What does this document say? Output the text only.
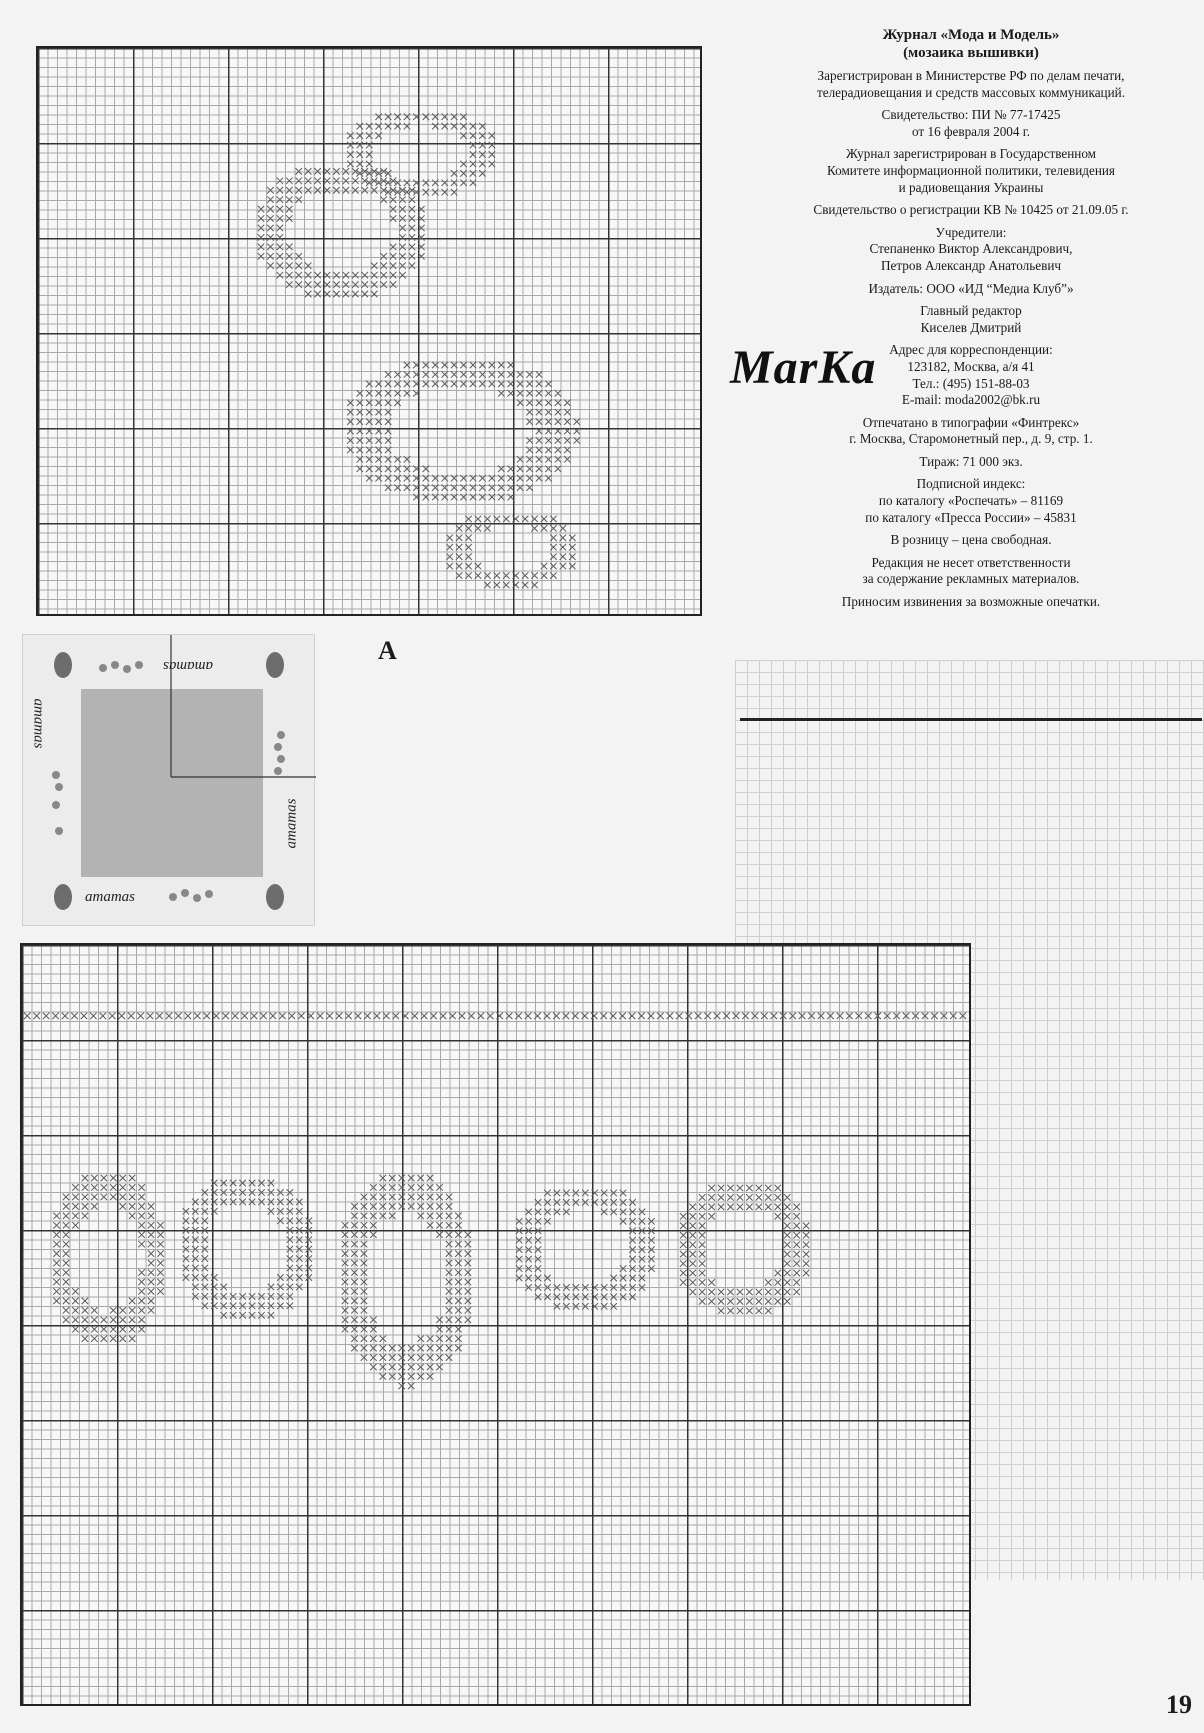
A
amamas
amamas
amamas
amamas

Журнал «Мода и Модель»
(мозаика вышивки)

Зарегистрирован в Министерстве РФ по делам печати,
телерадиовещания и средств массовых коммуникаций.

Свидетельство: ПИ № 77-17425
от 16 февраля 2004 г.

Журнал зарегистрирован в Государственном
Комитете информационной политики, телевидения
и радиовещания Украины

Свидетельство о регистрации КВ № 10425 от 21.09.05 г.

Учредители:
Степаненко Виктор Александрович,
Петров Александр Анатольевич

Издатель: ООО «ИД “Медиа Клуб”»

Главный редактор
Киселев Дмитрий

Адрес для корреспонденции:
123182, Москва, а/я 41
Тел.: (495) 151-88-03
E-mail: moda2002@bk.ru

Отпечатано в типографии «Финтрекс»
г. Москва, Старомонетный пер., д. 9, стр. 1.

Тираж: 71 000 экз.

Подписной индекс:
по каталогу «Роспечать» – 81169
по каталогу «Пресса России» – 45831

В розницу – цена свободная.

Редакция не несет ответственности
за содержание рекламных материалов.

Приносим извинения за возможные опечатки.

MarKa
19
